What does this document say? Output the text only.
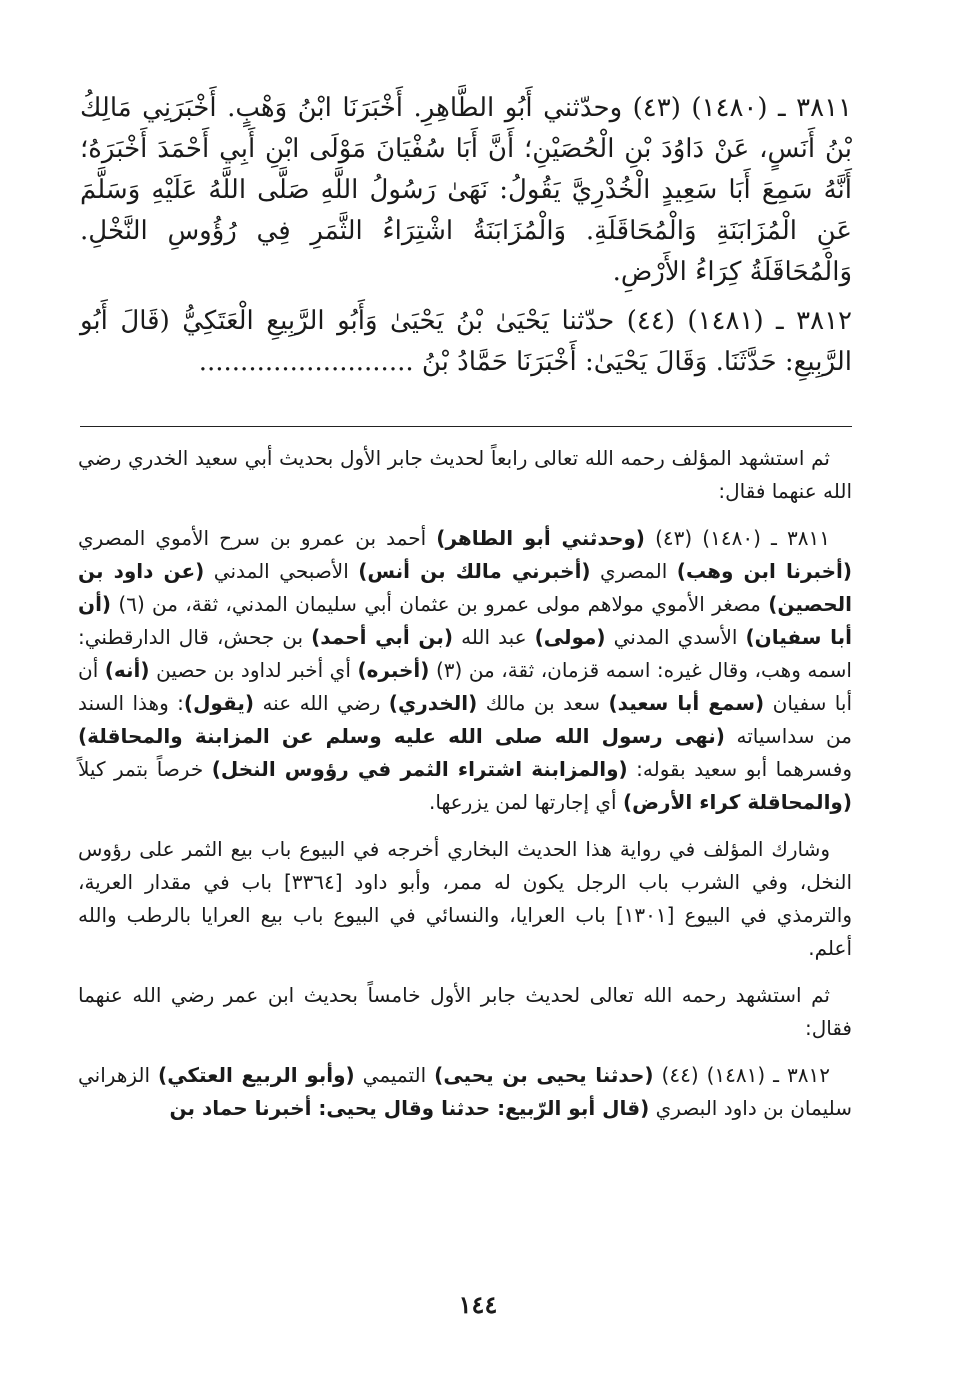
٣٨١١ ـ (١٤٨٠) (٤٣) وحدّثني أَبُو الطَّاهِرِ. أَخْبَرَنَا ابْنُ وَهْبٍ. أَخْبَرَنِي مَالِكُ بْنُ أَنَسٍ، عَنْ دَاوُدَ بْنِ الْحُصَيْنِ؛ أَنَّ أَبَا سُفْيَانَ مَوْلَى ابْنِ أَبِي أَحْمَدَ أَخْبَرَهُ؛ أَنَّهُ سَمِعَ أَبَا سَعِيدٍ الْخُدْرِيَّ يَقُولُ: نَهَىٰ رَسُولُ اللَّهِ صَلَّى اللَّهُ عَلَيْهِ وَسَلَّمَ عَنِ الْمُزَابَنَةِ وَالْمُحَاقَلَةِ. وَالْمُزَابَنَةُ اشْتِرَاءُ الثَّمَرِ فِي رُؤُوسِ النَّخْلِ. وَالْمُحَاقَلَةُ كِرَاءُ الأَرْضِ.

٣٨١٢ ـ (١٤٨١) (٤٤) حدّثنا يَحْيَىٰ بْنُ يَحْيَىٰ وَأَبُو الرَّبِيعِ الْعَتَكِيُّ (قَالَ أَبُو الرَّبِيعِ: حَدَّثَنَا. وَقَالَ يَحْيَىٰ: أَخْبَرَنَا حَمَّادُ بْنُ ..........................

ثم استشهد المؤلف رحمه الله تعالى رابعاً لحديث جابر الأول بحديث أبي سعيد الخدري رضي الله عنهما فقال:

٣٨١١ ـ (١٤٨٠) (٤٣) (وحدثني أبو الطاهر) أحمد بن عمرو بن سرح الأموي المصري (أخبرنا ابن وهب) المصري (أخبرني مالك بن أنس) الأصبحي المدني (عن داود بن الحصين) مصغر الأموي مولاهم مولى عمرو بن عثمان أبي سليمان المدني، ثقة، من (٦) (أن أبا سفيان) الأسدي المدني (مولى) عبد الله (بن أبي أحمد) بن جحش، قال الدارقطني: اسمه وهب، وقال غيره: اسمه قزمان، ثقة، من (٣) (أخبره) أي أخبر لداود بن حصين (أنه) أن أبا سفيان (سمع أبا سعيد) سعد بن مالك (الخدري) رضي الله عنه (يقول): وهذا السند من سداسياته (نهى رسول الله صلى الله عليه وسلم عن المزابنة والمحاقلة) وفسرهما أبو سعيد بقوله: (والمزابنة اشتراء الثمر في رؤوس النخل) خرصاً بتمر كيلاً (والمحاقلة كراء الأرض) أي إجارتها لمن يزرعها.

وشارك المؤلف في رواية هذا الحديث البخاري أخرجه في البيوع باب بيع الثمر على رؤوس النخل، وفي الشرب باب الرجل يكون له ممر، وأبو داود [٣٣٦٤] باب في مقدار العرية، والترمذي في البيوع [١٣٠١] باب العرايا، والنسائي في البيوع باب بيع العرايا بالرطب والله أعلم.

ثم استشهد رحمه الله تعالى لحديث جابر الأول خامساً بحديث ابن عمر رضي الله عنهما فقال:

٣٨١٢ ـ (١٤٨١) (٤٤) (حدثنا يحيى بن يحيى) التميمي (وأبو الربيع العتكي) الزهراني سليمان بن داود البصري (قال أبو الرّبيع: حدثنا وقال يحيى: أخبرنا حماد بن

١٤٤
